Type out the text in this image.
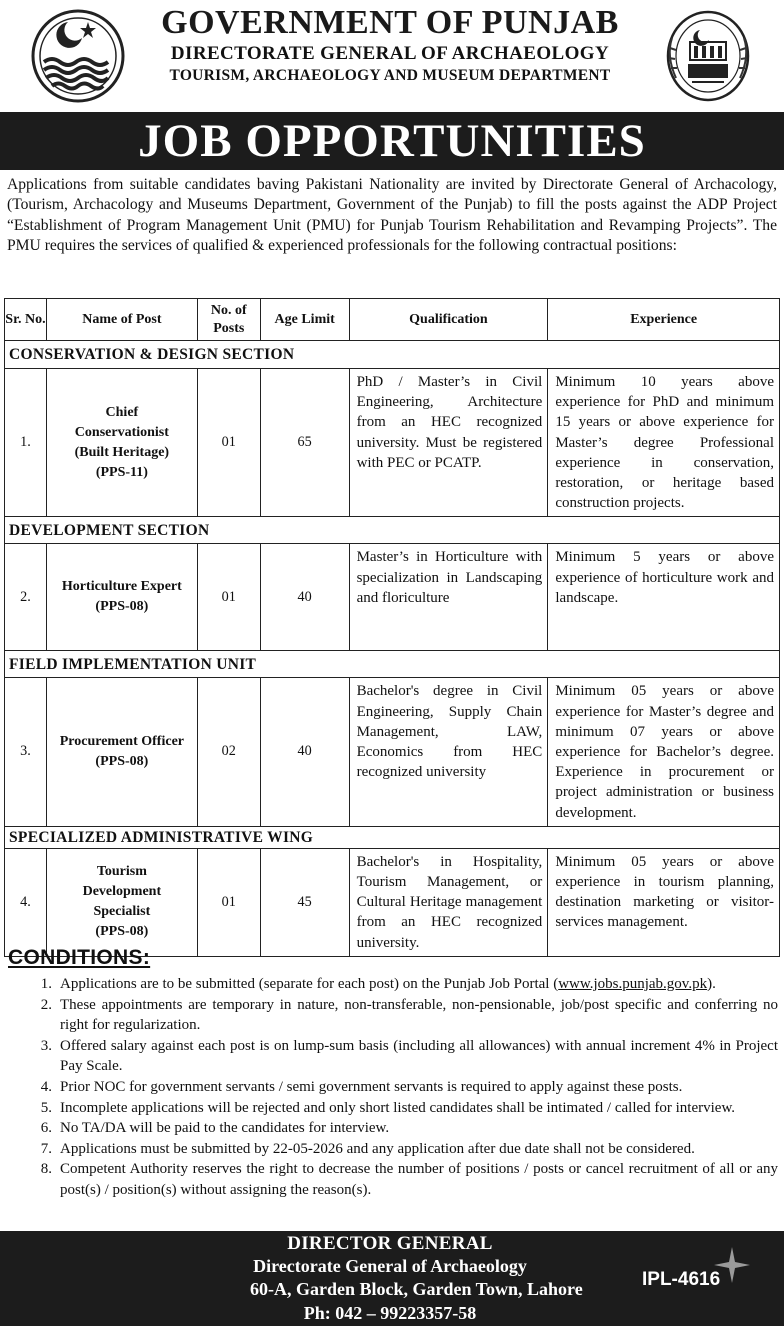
GOVERNMENT OF PUNJAB
DIRECTORATE GENERAL OF ARCHAEOLOGY
TOURISM, ARCHAEOLOGY AND MUSEUM DEPARTMENT
JOB OPPORTUNITIES

Applications from suitable candidates baving Pakistani Nationality are invited by Directorate General of Archacology, (Tourism, Archacology and Museums Department, Government of the Punjab) to fill the posts against the ADP Project “Establishment of Program Management Unit (PMU) for Punjab Tourism Rehabilitation and Revamping Projects”. The PMU requires the services of qualified & experienced professionals for the following contractual positions:

Sr. No.	Name of Post	No. of Posts	Age Limit	Qualification	Experience
CONSERVATION & DESIGN SECTION					
1.	Chief
Conservationist
(Built Heritage)
(PPS-11)	01	65	PhD / Master’s in Civil Engineering, Architecture from an HEC recognized university. Must be registered with PEC or PCATP.	Minimum 10 years above experience for PhD and minimum 15 years or above experience for Master’s degree Professional experience in conservation, restoration, or heritage based construction projects.
DEVELOPMENT SECTION					
2.	Horticulture Expert
(PPS-08)	01	40	Master’s in Horticulture with specialization in Landscaping and floriculture	Minimum 5 years or above experience of horticulture work and landscape.
FIELD IMPLEMENTATION UNIT					
3.	Procurement Officer
(PPS-08)	02	40	Bachelor's degree in Civil Engineering, Supply Chain Management, LAW, Economics from HEC recognized university	Minimum 05 years or above experience for Master’s degree and minimum 07 years or above experience for Bachelor’s degree. Experience in procurement or project administration or business development.
SPECIALIZED ADMINISTRATIVE WING					
4.	Tourism
Development
Specialist
(PPS-08)	01	45	Bachelor's in Hospitality, Tourism Management, or Cultural Heritage management from an HEC recognized university.	Minimum 05 years or above experience in tourism planning, destination marketing or visitor-services management.
CONDITIONS:
1. Applications are to be submitted (separate for each post) on the Punjab Job Portal (www.jobs.punjab.gov.pk).
2. These appointments are temporary in nature, non-transferable, non-pensionable, job/post specific and conferring no right for regularization.
3. Offered salary against each post is on lump-sum basis (including all allowances) with annual increment 4% in Project Pay Scale.
4. Prior NOC for government servants / semi government servants is required to apply against these posts.
5. Incomplete applications will be rejected and only short listed candidates shall be intimated / called for interview.
6. No TA/DA will be paid to the candidates for interview.
7. Applications must be submitted by 22-05-2026 and any application after due date shall not be considered.
8. Competent Authority reserves the right to decrease the number of positions / posts or cancel recruitment of all or any post(s) / position(s) without assigning the reason(s).
DIRECTOR GENERAL
Directorate General of Archaeology
60-A, Garden Block, Garden Town, Lahore
Ph: 042 – 99223357-58
IPL-4616
